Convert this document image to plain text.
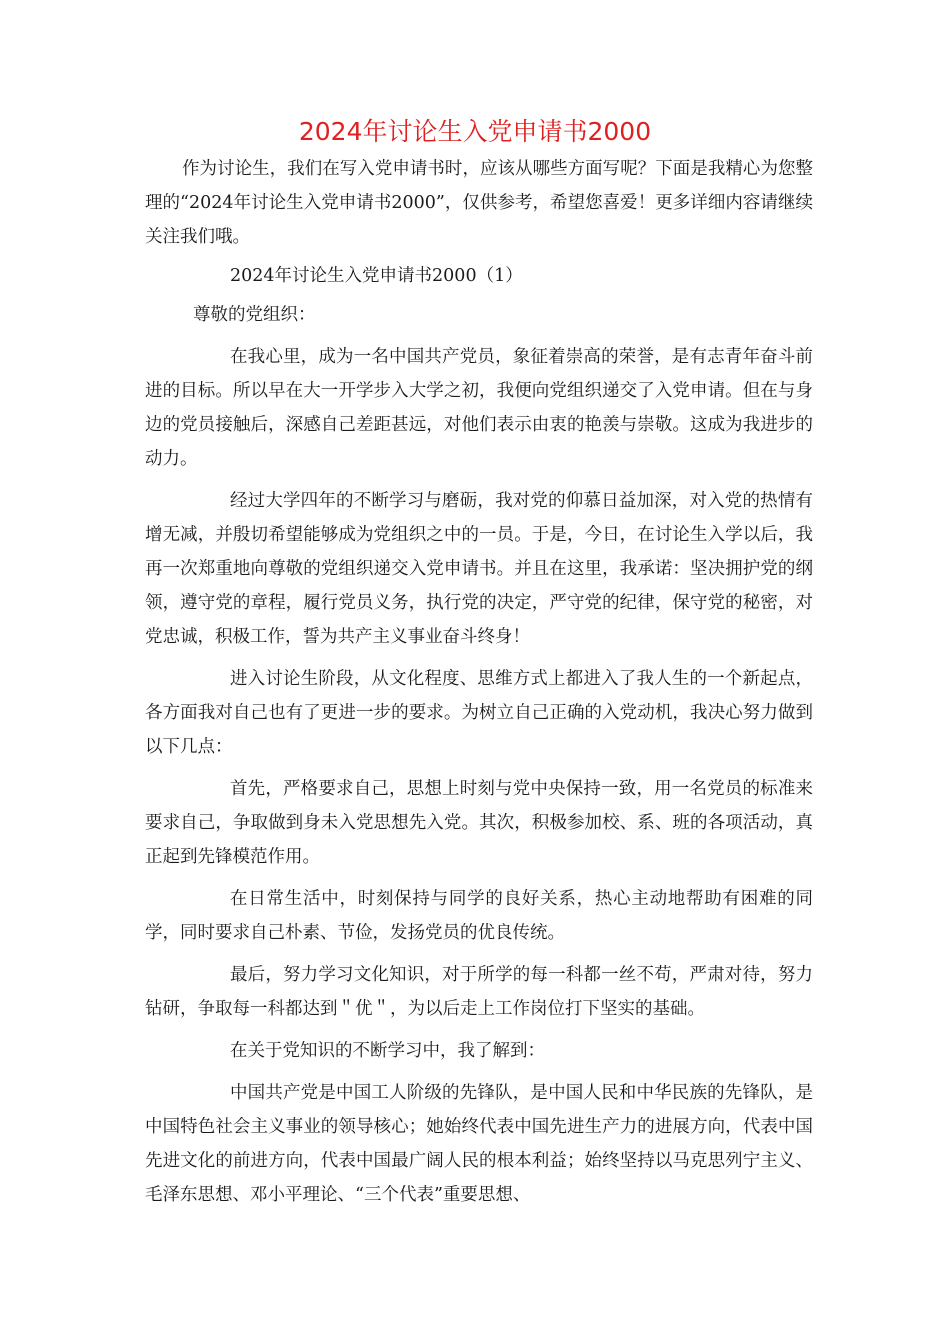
2024年讨论生入党申请书2000

作为讨论生，我们在写入党申请书时，应该从哪些方面写呢？下面是我精心为您整理的“2024年讨论生入党申请书2000”，仅供参考，希望您喜爱！更多详细内容请继续关注我们哦。

2024年讨论生入党申请书2000（1）

尊敬的党组织：

在我心里，成为一名中国共产党员，象征着崇高的荣誉，是有志青年奋斗前进的目标。所以早在大一开学步入大学之初，我便向党组织递交了入党申请。但在与身边的党员接触后，深感自己差距甚远，对他们表示由衷的艳羡与崇敬。这成为我进步的动力。

经过大学四年的不断学习与磨砺，我对党的仰慕日益加深，对入党的热情有增无减，并殷切希望能够成为党组织之中的一员。于是，今日，在讨论生入学以后，我再一次郑重地向尊敬的党组织递交入党申请书。并且在这里，我承诺：坚决拥护党的纲领，遵守党的章程，履行党员义务，执行党的决定，严守党的纪律，保守党的秘密，对党忠诚，积极工作，誓为共产主义事业奋斗终身！

进入讨论生阶段，从文化程度、思维方式上都进入了我人生的一个新起点，各方面我对自己也有了更进一步的要求。为树立自己正确的入党动机，我决心努力做到以下几点：

首先，严格要求自己，思想上时刻与党中央保持一致，用一名党员的标准来要求自己，争取做到身未入党思想先入党。其次，积极参加校、系、班的各项活动，真正起到先锋模范作用。

在日常生活中，时刻保持与同学的良好关系，热心主动地帮助有困难的同学，同时要求自己朴素、节俭，发扬党员的优良传统。

最后，努力学习文化知识，对于所学的每一科都一丝不苟，严肃对待，努力钻研，争取每一科都达到＂优＂，为以后走上工作岗位打下坚实的基础。

在关于党知识的不断学习中，我了解到：

中国共产党是中国工人阶级的先锋队，是中国人民和中华民族的先锋队，是中国特色社会主义事业的领导核心；她始终代表中国先进生产力的进展方向，代表中国先进文化的前进方向，代表中国最广阔人民的根本利益；始终坚持以马克思列宁主义、毛泽东思想、邓小平理论、“三个代表”重要思想、
